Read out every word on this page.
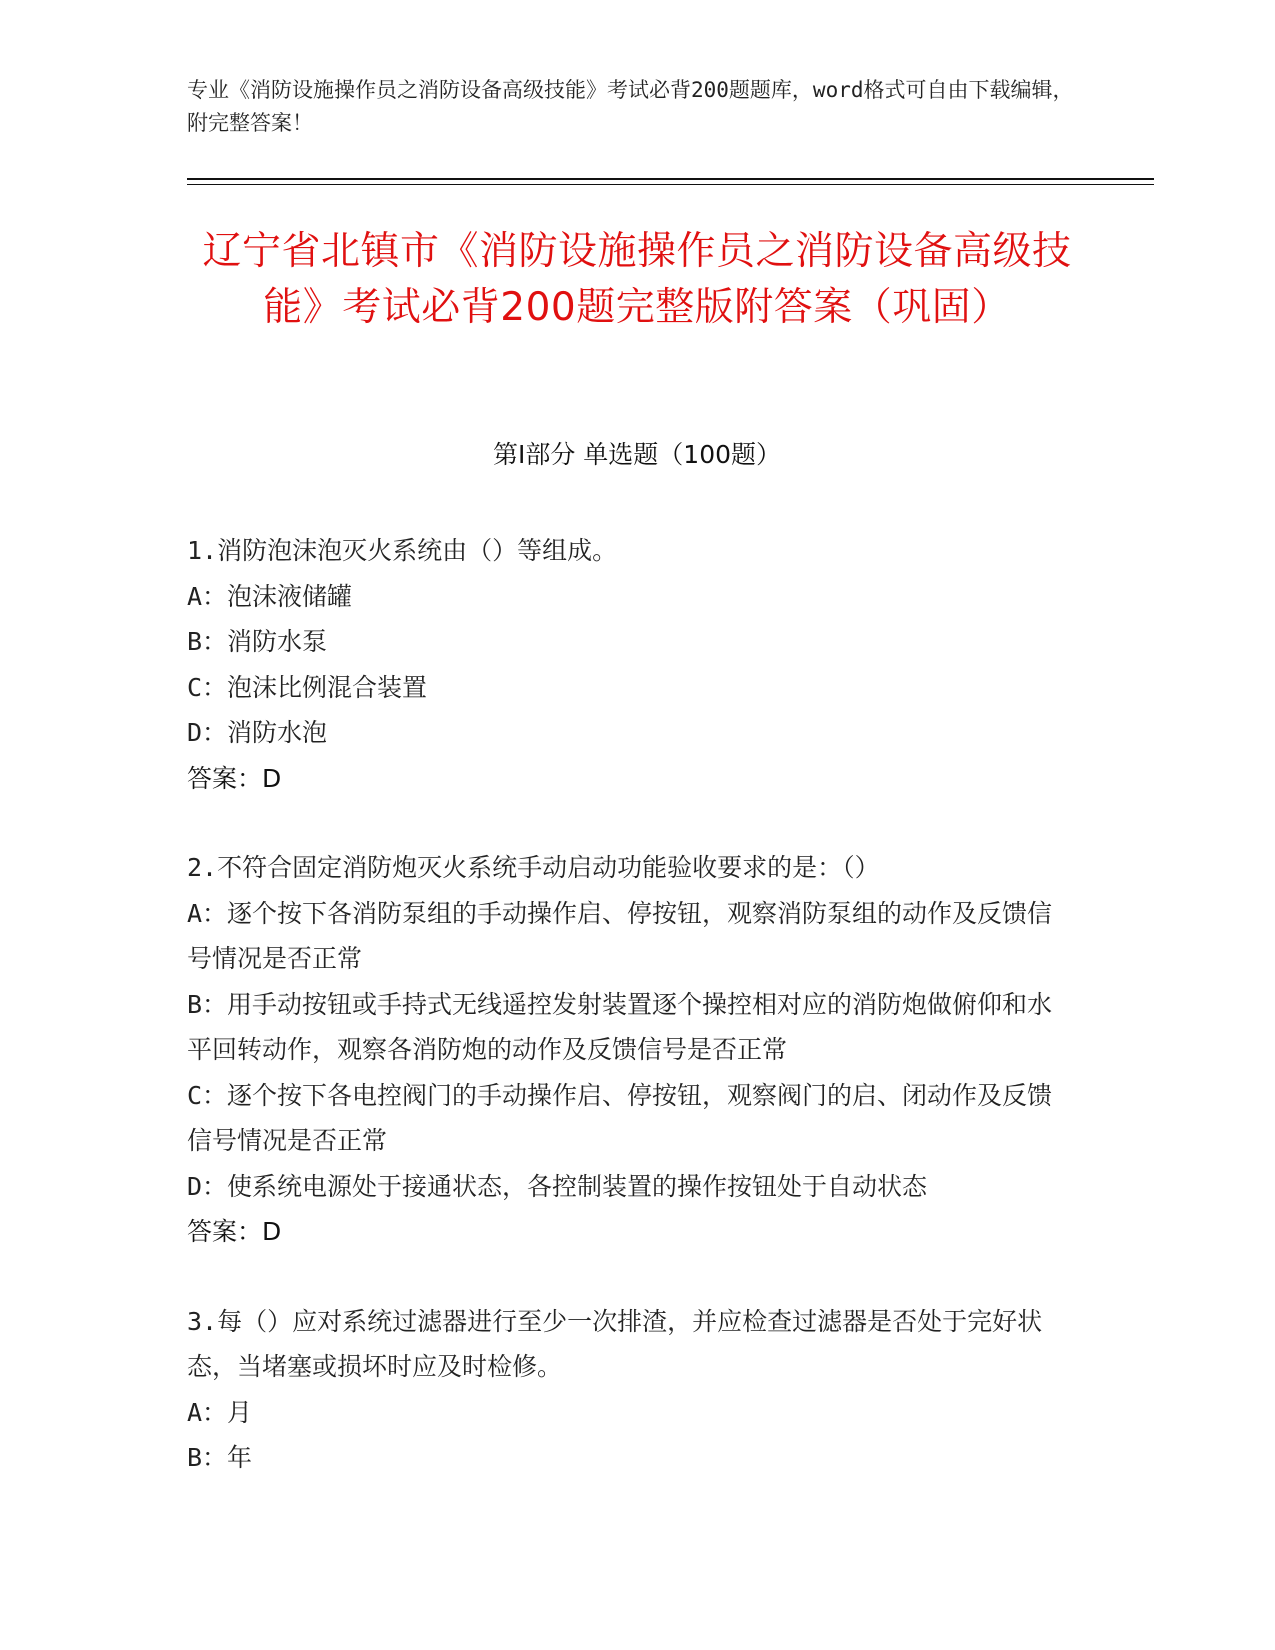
专业《消防设施操作员之消防设备高级技能》考试必背200题题库，word格式可自由下载编辑，附完整答案！
辽宁省北镇市《消防设施操作员之消防设备高级技能》考试必背200题完整版附答案（巩固）
第I部分 单选题（100题）

1.消防泡沫泡灭火系统由（）等组成。

A：泡沫液储罐

B：消防水泵

C：泡沫比例混合装置

D：消防水泡

答案：D

2.不符合固定消防炮灭火系统手动启动功能验收要求的是：（）

A：逐个按下各消防泵组的手动操作启、停按钮，观察消防泵组的动作及反馈信号情况是否正常

B：用手动按钮或手持式无线遥控发射装置逐个操控相对应的消防炮做俯仰和水平回转动作，观察各消防炮的动作及反馈信号是否正常

C：逐个按下各电控阀门的手动操作启、停按钮，观察阀门的启、闭动作及反馈信号情况是否正常

D：使系统电源处于接通状态，各控制装置的操作按钮处于自动状态

答案：D

3.每（）应对系统过滤器进行至少一次排渣，并应检查过滤器是否处于完好状态，当堵塞或损坏时应及时检修。

A：月

B：年
